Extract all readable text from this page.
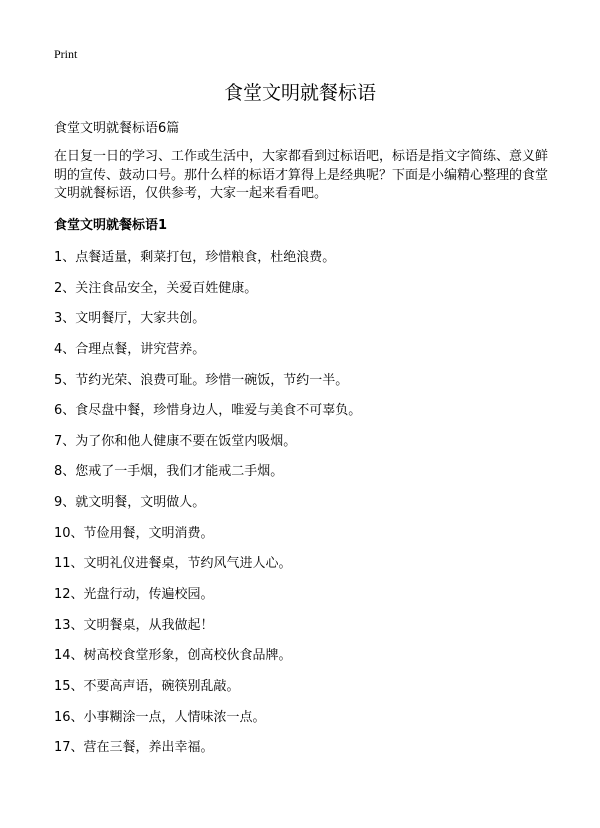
Print
食堂文明就餐标语
食堂文明就餐标语6篇

在日复一日的学习、工作或生活中，大家都看到过标语吧，标语是指文字简练、意义鲜明的宣传、鼓动口号。那什么样的标语才算得上是经典呢？下面是小编精心整理的食堂文明就餐标语，仅供参考，大家一起来看看吧。

食堂文明就餐标语1
1、点餐适量，剩菜打包，珍惜粮食，杜绝浪费。
2、关注食品安全，关爱百姓健康。
3、文明餐厅，大家共创。
4、合理点餐，讲究营养。
5、节约光荣、浪费可耻。珍惜一碗饭，节约一半。
6、食尽盘中餐，珍惜身边人，唯爱与美食不可辜负。
7、为了你和他人健康不要在饭堂内吸烟。
8、您戒了一手烟，我们才能戒二手烟。
9、就文明餐，文明做人。
10、节俭用餐，文明消费。
11、文明礼仪进餐桌，节约风气进人心。
12、光盘行动，传遍校园。
13、文明餐桌，从我做起！
14、树高校食堂形象，创高校伙食品牌。
15、不要高声语，碗筷别乱敲。
16、小事糊涂一点，人情味浓一点。
17、营在三餐，养出幸福。
